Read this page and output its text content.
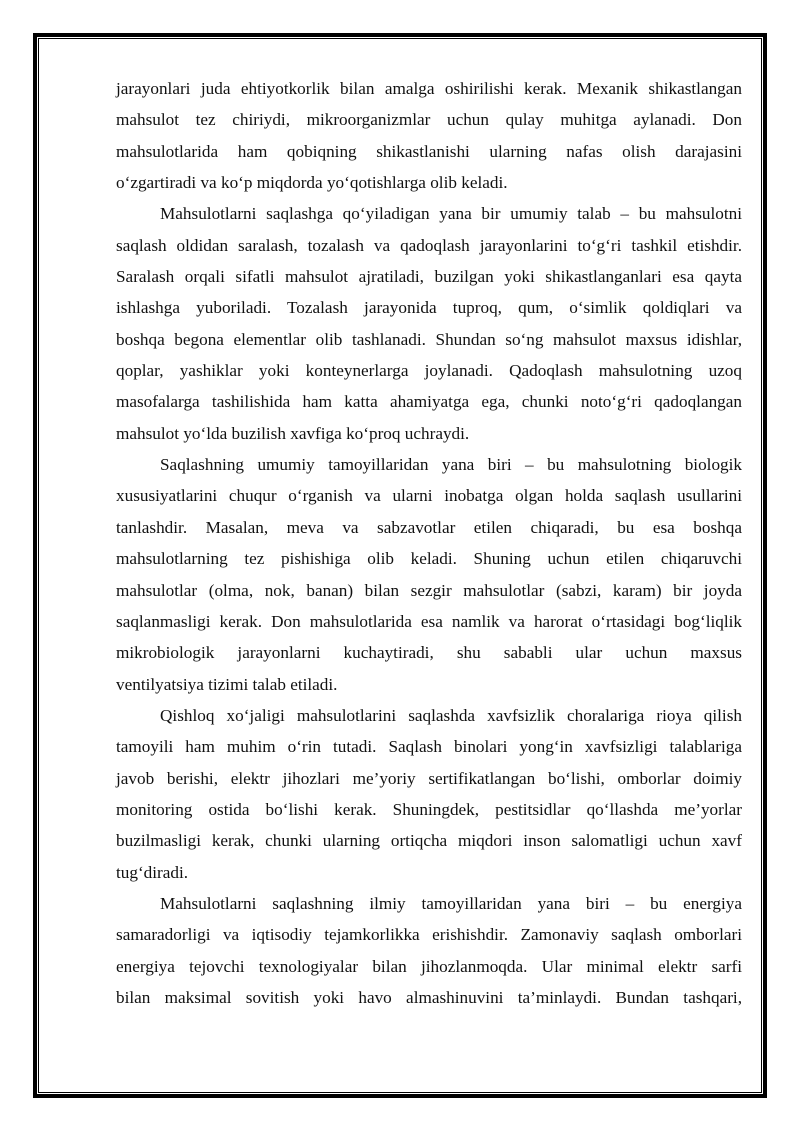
jarayonlari juda ehtiyotkorlik bilan amalga oshirilishi kerak. Mexanik shikastlangan
mahsulot tez chiriydi, mikroorganizmlar uchun qulay muhitga aylanadi. Don
mahsulotlarida ham qobiqning shikastlanishi ularning nafas olish darajasini
o‘zgartiradi va ko‘p miqdorda yo‘qotishlarga olib keladi.
Mahsulotlarni saqlashga qo‘yiladigan yana bir umumiy talab – bu mahsulotni
saqlash oldidan saralash, tozalash va qadoqlash jarayonlarini to‘g‘ri tashkil etishdir.
Saralash orqali sifatli mahsulot ajratiladi, buzilgan yoki shikastlanganlari esa qayta
ishlashga yuboriladi. Tozalash jarayonida tuproq, qum, o‘simlik qoldiqlari va
boshqa begona elementlar olib tashlanadi. Shundan so‘ng mahsulot maxsus idishlar,
qoplar, yashiklar yoki konteynerlarga joylanadi. Qadoqlash mahsulotning uzoq
masofalarga tashilishida ham katta ahamiyatga ega, chunki noto‘g‘ri qadoqlangan
mahsulot yo‘lda buzilish xavfiga ko‘proq uchraydi.
Saqlashning umumiy tamoyillaridan yana biri – bu mahsulotning biologik
xususiyatlarini chuqur o‘rganish va ularni inobatga olgan holda saqlash usullarini
tanlashdir. Masalan, meva va sabzavotlar etilen chiqaradi, bu esa boshqa
mahsulotlarning tez pishishiga olib keladi. Shuning uchun etilen chiqaruvchi
mahsulotlar (olma, nok, banan) bilan sezgir mahsulotlar (sabzi, karam) bir joyda
saqlanmasligi kerak. Don mahsulotlarida esa namlik va harorat o‘rtasidagi bog‘liqlik
mikrobiologik jarayonlarni kuchaytiradi, shu sababli ular uchun maxsus
ventilyatsiya tizimi talab etiladi.
Qishloq xo‘jaligi mahsulotlarini saqlashda xavfsizlik choralariga rioya qilish
tamoyili ham muhim o‘rin tutadi. Saqlash binolari yong‘in xavfsizligi talablariga
javob berishi, elektr jihozlari me’yoriy sertifikatlangan bo‘lishi, omborlar doimiy
monitoring ostida bo‘lishi kerak. Shuningdek, pestitsidlar qo‘llashda me’yorlar
buzilmasligi kerak, chunki ularning ortiqcha miqdori inson salomatligi uchun xavf
tug‘diradi.
Mahsulotlarni saqlashning ilmiy tamoyillaridan yana biri – bu energiya
samaradorligi va iqtisodiy tejamkorlikka erishishdir. Zamonaviy saqlash omborlari
energiya tejovchi texnologiyalar bilan jihozlanmoqda. Ular minimal elektr sarfi
bilan maksimal sovitish yoki havo almashinuvini ta’minlaydi. Bundan tashqari,
